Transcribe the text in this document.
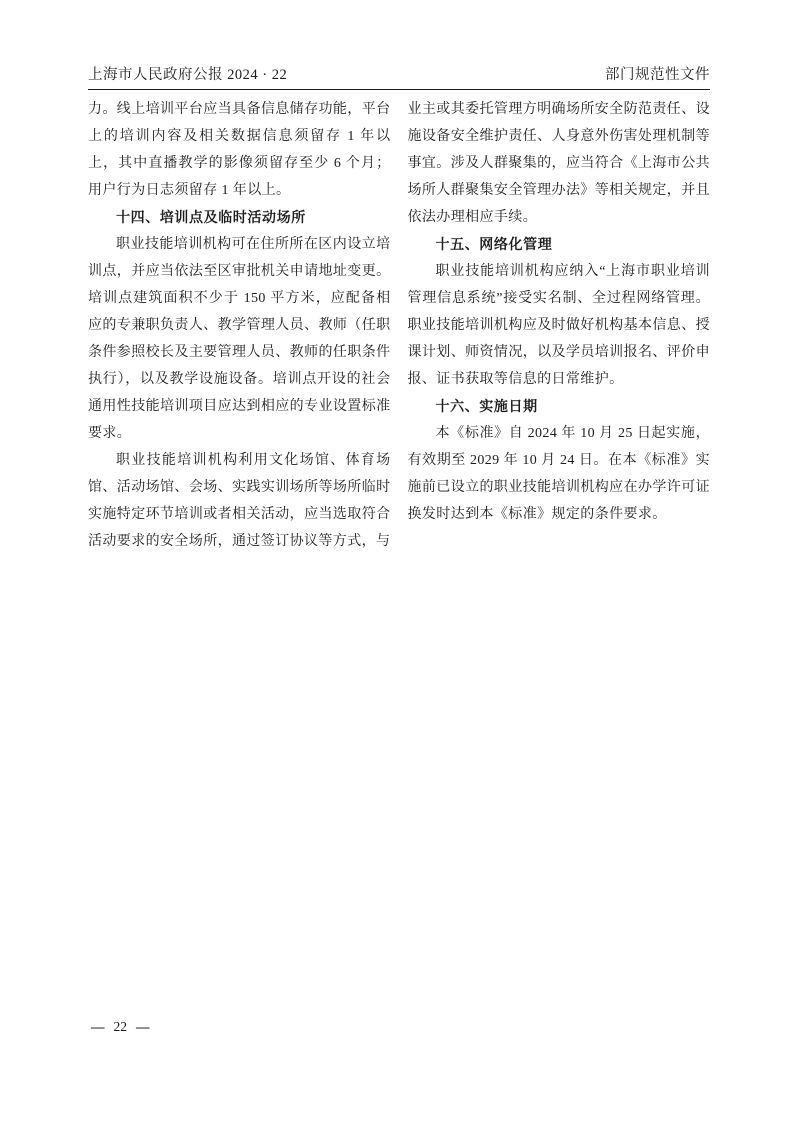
上海市人民政府公报 2024 · 22	部门规范性文件

力。线上培训平台应当具备信息储存功能，平台上的培训内容及相关数据信息须留存 1 年以上，其中直播教学的影像须留存至少 6 个月；用户行为日志须留存 1 年以上。

十四、培训点及临时活动场所

职业技能培训机构可在住所所在区内设立培训点，并应当依法至区审批机关申请地址变更。培训点建筑面积不少于 150 平方米，应配备相应的专兼职负责人、教学管理人员、教师（任职条件参照校长及主要管理人员、教师的任职条件执行），以及教学设施设备。培训点开设的社会通用性技能培训项目应达到相应的专业设置标准要求。

职业技能培训机构利用文化场馆、体育场馆、活动场馆、会场、实践实训场所等场所临时实施特定环节培训或者相关活动，应当选取符合活动要求的安全场所，通过签订协议等方式，与

业主或其委托管理方明确场所安全防范责任、设施设备安全维护责任、人身意外伤害处理机制等事宜。涉及人群聚集的，应当符合《上海市公共场所人群聚集安全管理办法》等相关规定，并且依法办理相应手续。

十五、网络化管理

职业技能培训机构应纳入“上海市职业培训管理信息系统”接受实名制、全过程网络管理。职业技能培训机构应及时做好机构基本信息、授课计划、师资情况，以及学员培训报名、评价申报、证书获取等信息的日常维护。

十六、实施日期

本《标准》自 2024 年 10 月 25 日起实施，有效期至 2029 年 10 月 24 日。在本《标准》实施前已设立的职业技能培训机构应在办学许可证换发时达到本《标准》规定的条件要求。

— 22 —
